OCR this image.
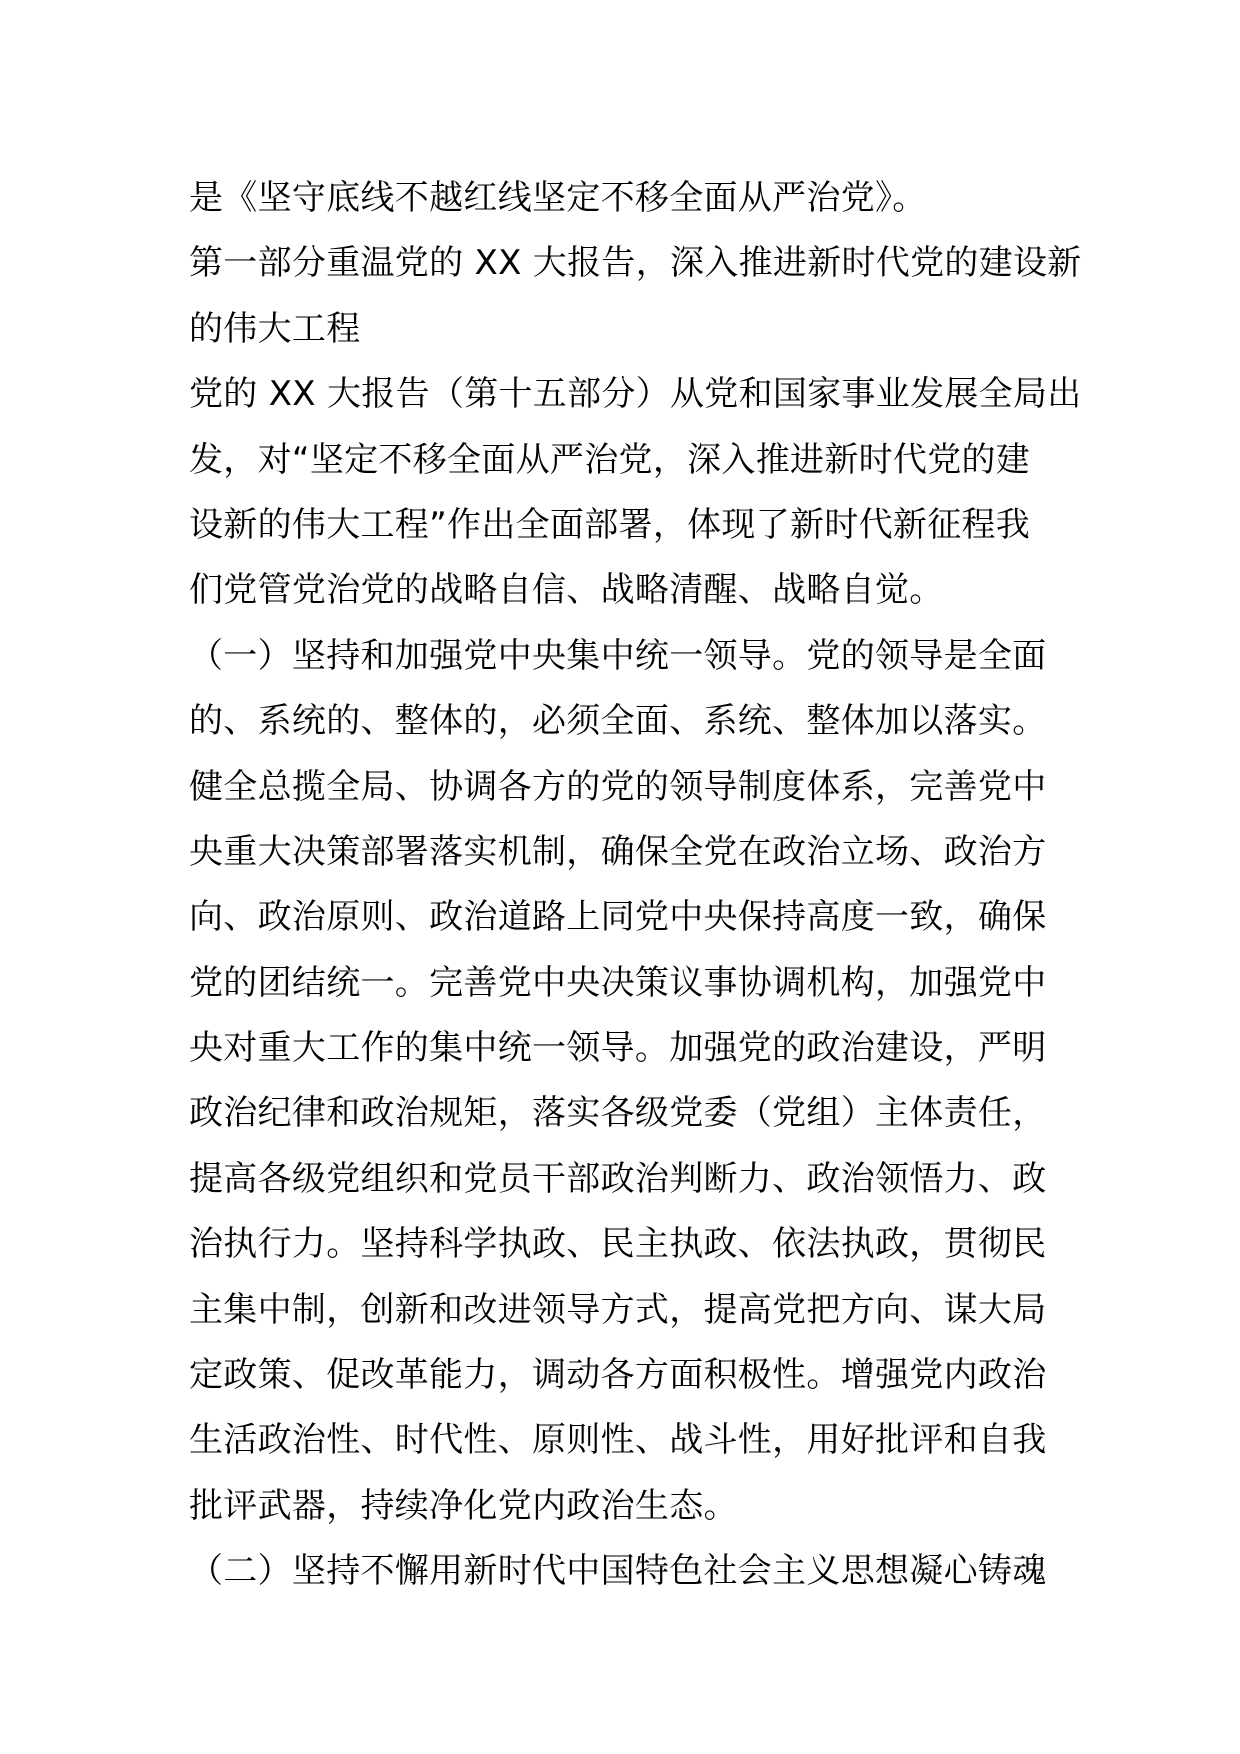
是《坚守底线不越红线坚定不移全面从严治党》。
第一部分重温党的 XX 大报告，深入推进新时代党的建设新
的伟大工程
党的 XX 大报告（第十五部分）从党和国家事业发展全局出
发，对“坚定不移全面从严治党，深入推进新时代党的建
设新的伟大工程”作出全面部署，体现了新时代新征程我
们党管党治党的战略自信、战略清醒、战略自觉。
（一）坚持和加强党中央集中统一领导。党的领导是全面
的、系统的、整体的，必须全面、系统、整体加以落实。
健全总揽全局、协调各方的党的领导制度体系，完善党中
央重大决策部署落实机制，确保全党在政治立场、政治方
向、政治原则、政治道路上同党中央保持高度一致，确保
党的团结统一。完善党中央决策议事协调机构，加强党中
央对重大工作的集中统一领导。加强党的政治建设，严明
政治纪律和政治规矩，落实各级党委（党组）主体责任，
提高各级党组织和党员干部政治判断力、政治领悟力、政
治执行力。坚持科学执政、民主执政、依法执政，贯彻民
主集中制，创新和改进领导方式，提高党把方向、谋大局
定政策、促改革能力，调动各方面积极性。增强党内政治
生活政治性、时代性、原则性、战斗性，用好批评和自我
批评武器，持续净化党内政治生态。
（二）坚持不懈用新时代中国特色社会主义思想凝心铸魂
